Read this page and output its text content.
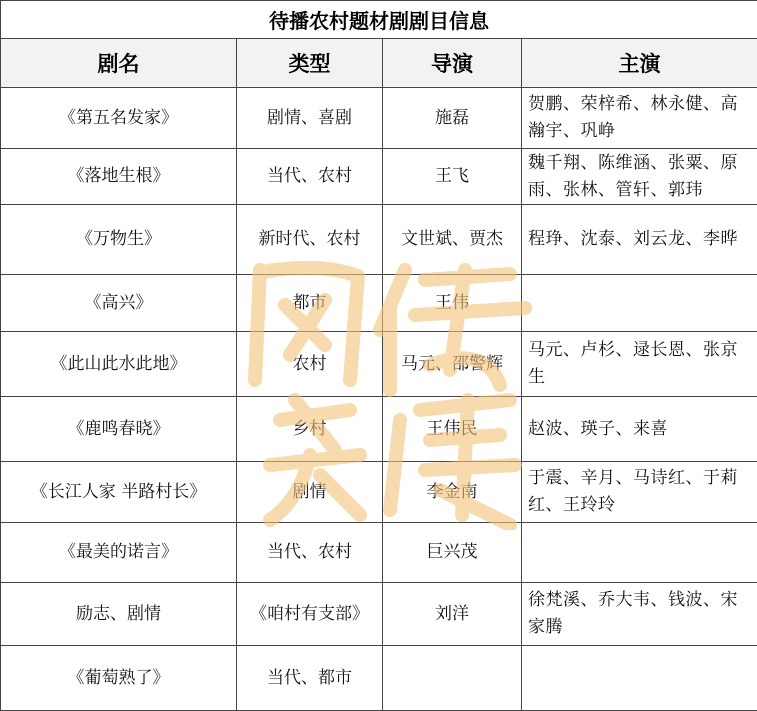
待播农村题材剧剧目信息			
剧名	类型	导演	主演
《第五名发家》	剧情、喜剧	施磊	贺鹏、荣梓希、林永健、高瀚宇、巩峥
《落地生根》	当代、农村	王飞	魏千翔、陈维涵、张粟、原雨、张林、管轩、郭玮
《万物生》	新时代、农村	文世斌、贾杰	程琤、沈泰、刘云龙、李晔
《高兴》	都市	王伟	
《此山此水此地》	农村	马元、邵警辉	马元、卢杉、逯长恩、张京生
《鹿鸣春晓》	乡村	王伟民	赵波、瑛子、来喜
《长江人家 半路村长》	剧情	李金南	于震、辛月、马诗红、于莉红、王玲玲
《最美的诺言》	当代、农村	巨兴茂	
励志、剧情	《咱村有支部》	刘洋	徐梵溪、乔大韦、钱波、宋家腾
《葡萄熟了》	当代、都市		
